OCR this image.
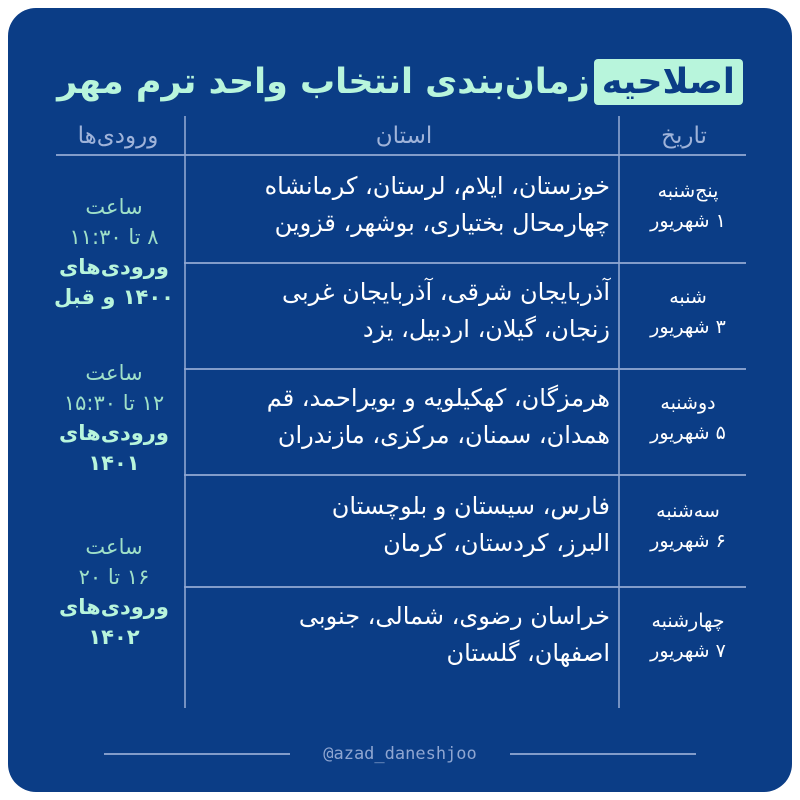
اصلاحیهزمان‌بندی انتخاب واحد ترم مهر
تاریخ
استان
ورودی‌ها
پنج‌شنبه
۱ شهریور
خوزستان، ایلام، لرستان، کرمانشاه
چهارمحال بختیاری، بوشهر، قزوین
شنبه
۳ شهریور
آذربایجان شرقی، آذربایجان غربی
زنجان، گیلان، اردبیل، یزد
دوشنبه
۵ شهریور
هرمزگان، کهکیلویه و بویراحمد، قم
همدان، سمنان، مرکزی، مازندران
سه‌شنبه
۶ شهریور
فارس، سیستان و بلوچستان
البرز، کردستان، کرمان
چهارشنبه
۷ شهریور
خراسان رضوی، شمالی، جنوبی
اصفهان، گلستان
ساعت
۸ تا ۱۱:۳۰
ورودی‌های
۱۴۰۰ و قبل
ساعت
۱۲ تا ۱۵:۳۰
ورودی‌های
۱۴۰۱
ساعت
۱۶ تا ۲۰
ورودی‌های
۱۴۰۲
@azad_daneshjoo
